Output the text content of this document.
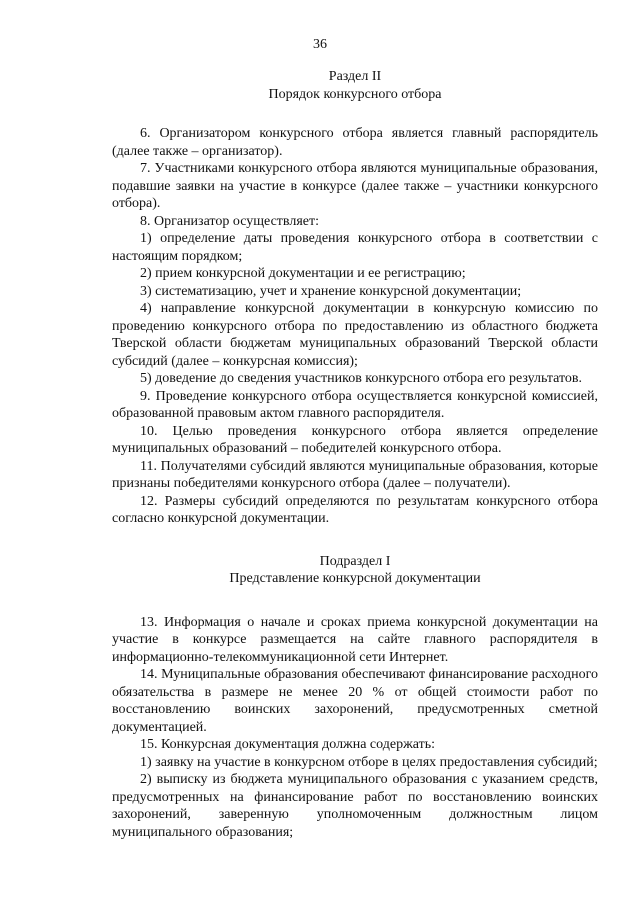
36

Раздел II

Порядок конкурсного отбора

6. Организатором конкурсного отбора является главный распорядитель (далее также – организатор).

7. Участниками конкурсного отбора являются муниципальные образования, подавшие заявки на участие в конкурсе (далее также – участники конкурсного отбора).

8. Организатор осуществляет:

1) определение даты проведения конкурсного отбора в соответствии с настоящим порядком;

2) прием конкурсной документации и ее регистрацию;

3) систематизацию, учет и хранение конкурсной документации;

4) направление конкурсной документации в конкурсную комиссию по проведению конкурсного отбора по предоставлению из областного бюджета Тверской области бюджетам муниципальных образований Тверской области субсидий (далее – конкурсная комиссия);

5) доведение до сведения участников конкурсного отбора его результатов.

9. Проведение конкурсного отбора осуществляется конкурсной комиссией, образованной правовым актом главного распорядителя.

10. Целью проведения конкурсного отбора является определение муниципальных образований – победителей конкурсного отбора.

11. Получателями субсидий являются муниципальные образования, которые признаны победителями конкурсного отбора (далее – получатели).

12. Размеры субсидий определяются по результатам конкурсного отбора согласно конкурсной документации.

Подраздел I

Представление конкурсной документации

13. Информация о начале и сроках приема конкурсной документации на участие в конкурсе размещается на сайте главного распорядителя в информационно-телекоммуникационной сети Интернет.

14. Муниципальные образования обеспечивают финансирование расходного обязательства в размере не менее 20 % от общей стоимости работ по восстановлению воинских захоронений, предусмотренных сметной документацией.

15. Конкурсная документация должна содержать:

1) заявку на участие в конкурсном отборе в целях предоставления субсидий;

2) выписку из бюджета муниципального образования с указанием средств, предусмотренных на финансирование работ по восстановлению воинских захоронений, заверенную уполномоченным должностным лицом муниципального образования;
